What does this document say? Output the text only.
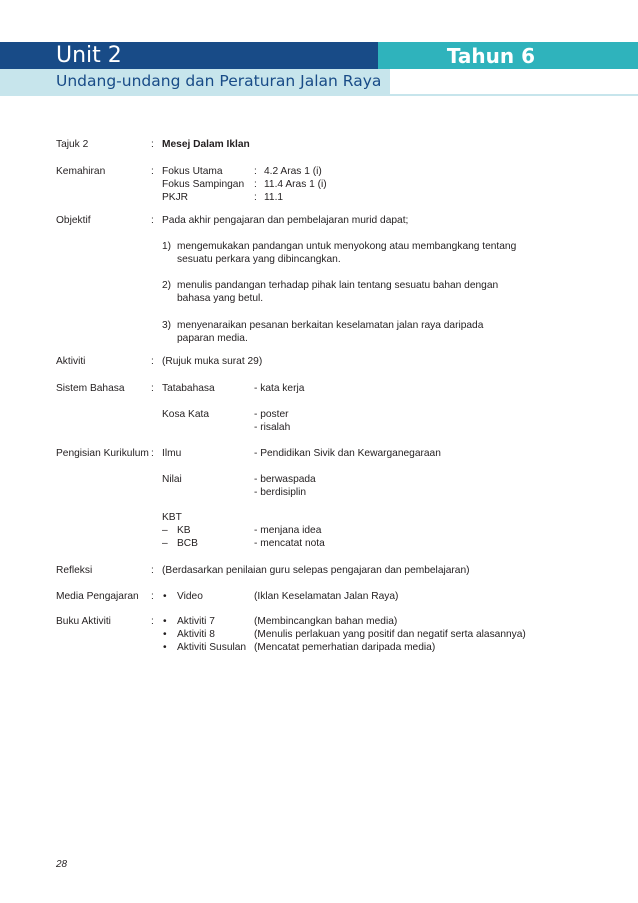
Unit 2	Tahun 6
Undang-undang dan Peraturan Jalan Raya
Tajuk 2	: Mesej Dalam Iklan
Kemahiran	: Fokus Utama	: 4.2 Aras 1 (i)
Fokus Sampingan : 11.4 Aras 1 (i)
PKJR	: 11.1
Objektif	: Pada akhir pengajaran dan pembelajaran murid dapat;
1) mengemukakan pandangan untuk menyokong atau membangkang tentang
sesuatu perkara yang dibincangkan.
2) menulis pandangan terhadap pihak lain tentang sesuatu bahan dengan
bahasa yang betul.
3) menyenaraikan pesanan berkaitan keselamatan jalan raya daripada
paparan media.
Aktiviti	: (Rujuk muka surat 29)
Sistem Bahasa	: Tatabahasa	- kata kerja
Kosa Kata	- poster
- risalah
Pengisian Kurikulum : Ilmu	- Pendidikan Sivik dan Kewarganegaraan
Nilai	- berwaspada
- berdisiplin
KBT
– KB	- menjana idea
– BCB	- mencatat nota
Refleksi	: (Berdasarkan penilaian guru selepas pengajaran dan pembelajaran)
Media Pengajaran : • Video	(Iklan Keselamatan Jalan Raya)
Buku Aktiviti	: • Aktiviti 7	(Membincangkan bahan media)
• Aktiviti 8	(Menulis perlakuan yang positif dan negatif serta alasannya)
• Aktiviti Susulan (Mencatat pemerhatian daripada media)
28
